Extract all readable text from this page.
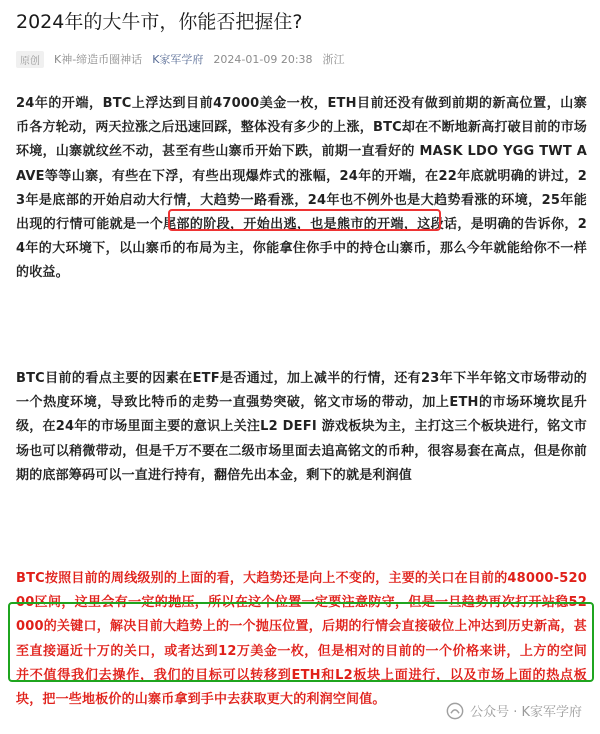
2024年的大牛市，你能否把握住?
原创	K神-缔造币圈神话 K家军学府 2024-01-09 20:38 浙江
24年的开端，BTC上浮达到目前47000美金一枚，ETH目前还没有做到前期的新高位置，山寨币各方轮动，两天拉涨之后迅速回踩，整体没有多少的上涨，BTC却在不断地新高打破目前的市场环境，山寨就纹丝不动，甚至有些山寨币开始下跌，前期一直看好的 MASK LDO YGG TWT AAVE等等山寨，有些在下浮，有些出现爆炸式的涨幅，24年的开端，在22年底就明确的讲过，23年是底部的开始启动大行情，大趋势一路看涨，24年也不例外也是大趋势看涨的环境，25年能出现的行情可能就是一个尾部的阶段，开始出逃，也是熊市的开端，这段话，是明确的告诉你，24年的大环境下，以山寨币的布局为主，你能拿住你手中的持仓山寨币，那么今年就能给你不一样的收益。
BTC目前的看点主要的因素在ETF是否通过，加上减半的行情，还有23年下半年铭文市场带动的一个热度环境，导致比特币的走势一直强势突破，铭文市场的带动，加上ETH的市场环境坎昆升级，在24年的市场里面主要的意识上关注L2 DEFI 游戏板块为主，主打这三个板块进行，铭文市场也可以稍微带动，但是千万不要在二级市场里面去追高铭文的币种，很容易套在高点，但是你前期的底部筹码可以一直进行持有，翻倍先出本金，剩下的就是利润值
BTC按照目前的周线级别的上面的看，大趋势还是向上不变的，主要的关口在目前的48000-52000区间，这里会有一定的抛压，所以在这个位置一定要注意防守，但是一旦趋势再次打开站稳52000的关键口，解决目前大趋势上的一个抛压位置，后期的行情会直接破位上冲达到历史新高，甚至直接逼近十万的关口，或者达到12万美金一枚，但是相对的目前的一个价格来讲，上方的空间并不值得我们去操作，我们的目标可以转移到ETH和L2板块上面进行，以及市场上面的热点板块，把一些地板价的山寨币拿到手中去获取更大的利润空间值。
公众号 · K家军学府
